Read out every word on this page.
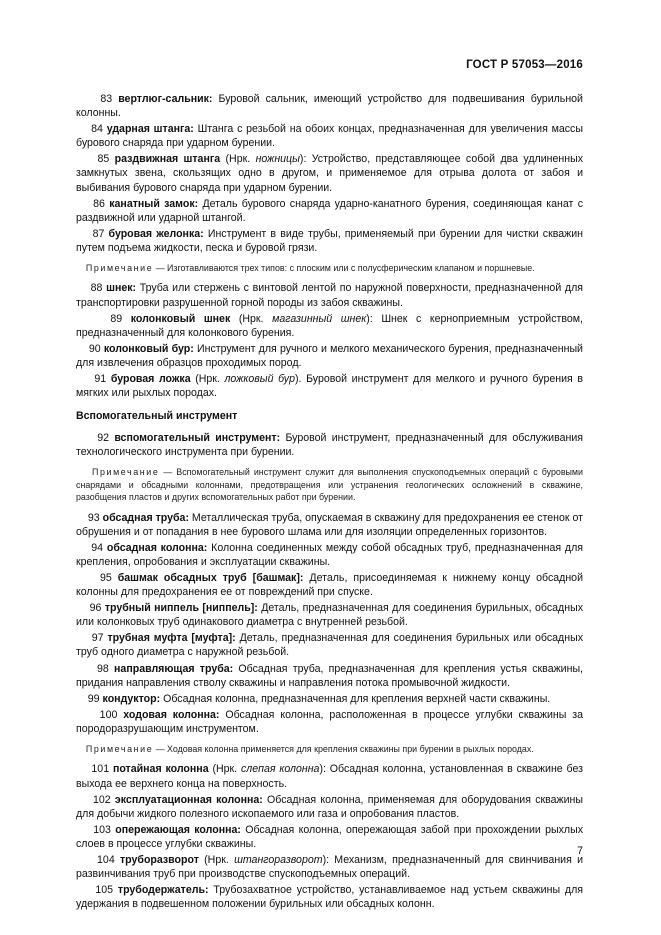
ГОСТ Р 57053—2016

83 вертлюг-сальник: Буровой сальник, имеющий устройство для подвешивания бурильной колонны.

84 ударная штанга: Штанга с резьбой на обоих концах, предназначенная для увеличения массы бурового снаряда при ударном бурении.

85 раздвижная штанга (Нрк. ножницы): Устройство, представляющее собой два удлиненных замкнутых звена, скользящих одно в другом, и применяемое для отрыва долота от забоя и выбивания бурового снаряда при ударном бурении.

86 канатный замок: Деталь бурового снаряда ударно-канатного бурения, соединяющая канат с раздвижной или ударной штангой.

87 буровая желонка: Инструмент в виде трубы, применяемый при бурении для чистки скважин путем подъема жидкости, песка и буровой грязи.

Примечание — Изготавливаются трех типов: с плоским или с полусферическим клапаном и поршневые.

88 шнек: Труба или стержень с винтовой лентой по наружной поверхности, предназначенной для транспортировки разрушенной горной породы из забоя скважины.

89 колонковый шнек (Нрк. магазинный шнек): Шнек с керноприемным устройством, предназначенный для колонкового бурения.

90 колонковый бур: Инструмент для ручного и мелкого механического бурения, предназначенный для извлечения образцов проходимых пород.

91 буровая ложка (Нрк. ложковый бур). Буровой инструмент для мелкого и ручного бурения в мягких или рыхлых породах.

Вспомогательный инструмент

92 вспомогательный инструмент: Буровой инструмент, предназначенный для обслуживания технологического инструмента при бурении.

Примечание — Вспомогательный инструмент служит для выполнения спускоподъемных операций с буровыми снарядами и обсадными колоннами, предотвращения или устранения геологических осложнений в скважине, разобщения пластов и других вспомогательных работ при бурении.

93 обсадная труба: Металлическая труба, опускаемая в скважину для предохранения ее стенок от обрушения и от попадания в нее бурового шлама или для изоляции определенных горизонтов.

94 обсадная колонна: Колонна соединенных между собой обсадных труб, предназначенная для крепления, опробования и эксплуатации скважины.

95 башмак обсадных труб [башмак]: Деталь, присоединяемая к нижнему концу обсадной колонны для предохранения ее от повреждений при спуске.

96 трубный ниппель [ниппель]: Деталь, предназначенная для соединения бурильных, обсадных или колонковых труб одинакового диаметра с внутренней резьбой.

97 трубная муфта [муфта]: Деталь, предназначенная для соединения бурильных или обсадных труб одного диаметра с наружной резьбой.

98 направляющая труба: Обсадная труба, предназначенная для крепления устья скважины, придания направления стволу скважины и направления потока промывочной жидкости.

99 кондуктор: Обсадная колонна, предназначенная для крепления верхней части скважины.

100 ходовая колонна: Обсадная колонна, расположенная в процессе углубки скважины за породоразрушающим инструментом.

Примечание — Ходовая колонна применяется для крепления скважины при бурении в рыхлых породах.

101 потайная колонна (Нрк. слепая колонна): Обсадная колонна, установленная в скважине без выхода ее верхнего конца на поверхность.

102 эксплуатационная колонна: Обсадная колонна, применяемая для оборудования скважины для добычи жидкого полезного ископаемого или газа и опробования пластов.

103 опережающая колонна: Обсадная колонна, опережающая забой при прохождении рыхлых слоев в процессе углубки скважины.

104 труборазворот (Нрк. штангоразворот): Механизм, предназначенный для свинчивания и развинчивания труб при производстве спускоподъемных операций.

105 трубодержатель: Трубозахватное устройство, устанавливаемое над устьем скважины для удержания в подвешенном положении бурильных или обсадных колонн.

7
